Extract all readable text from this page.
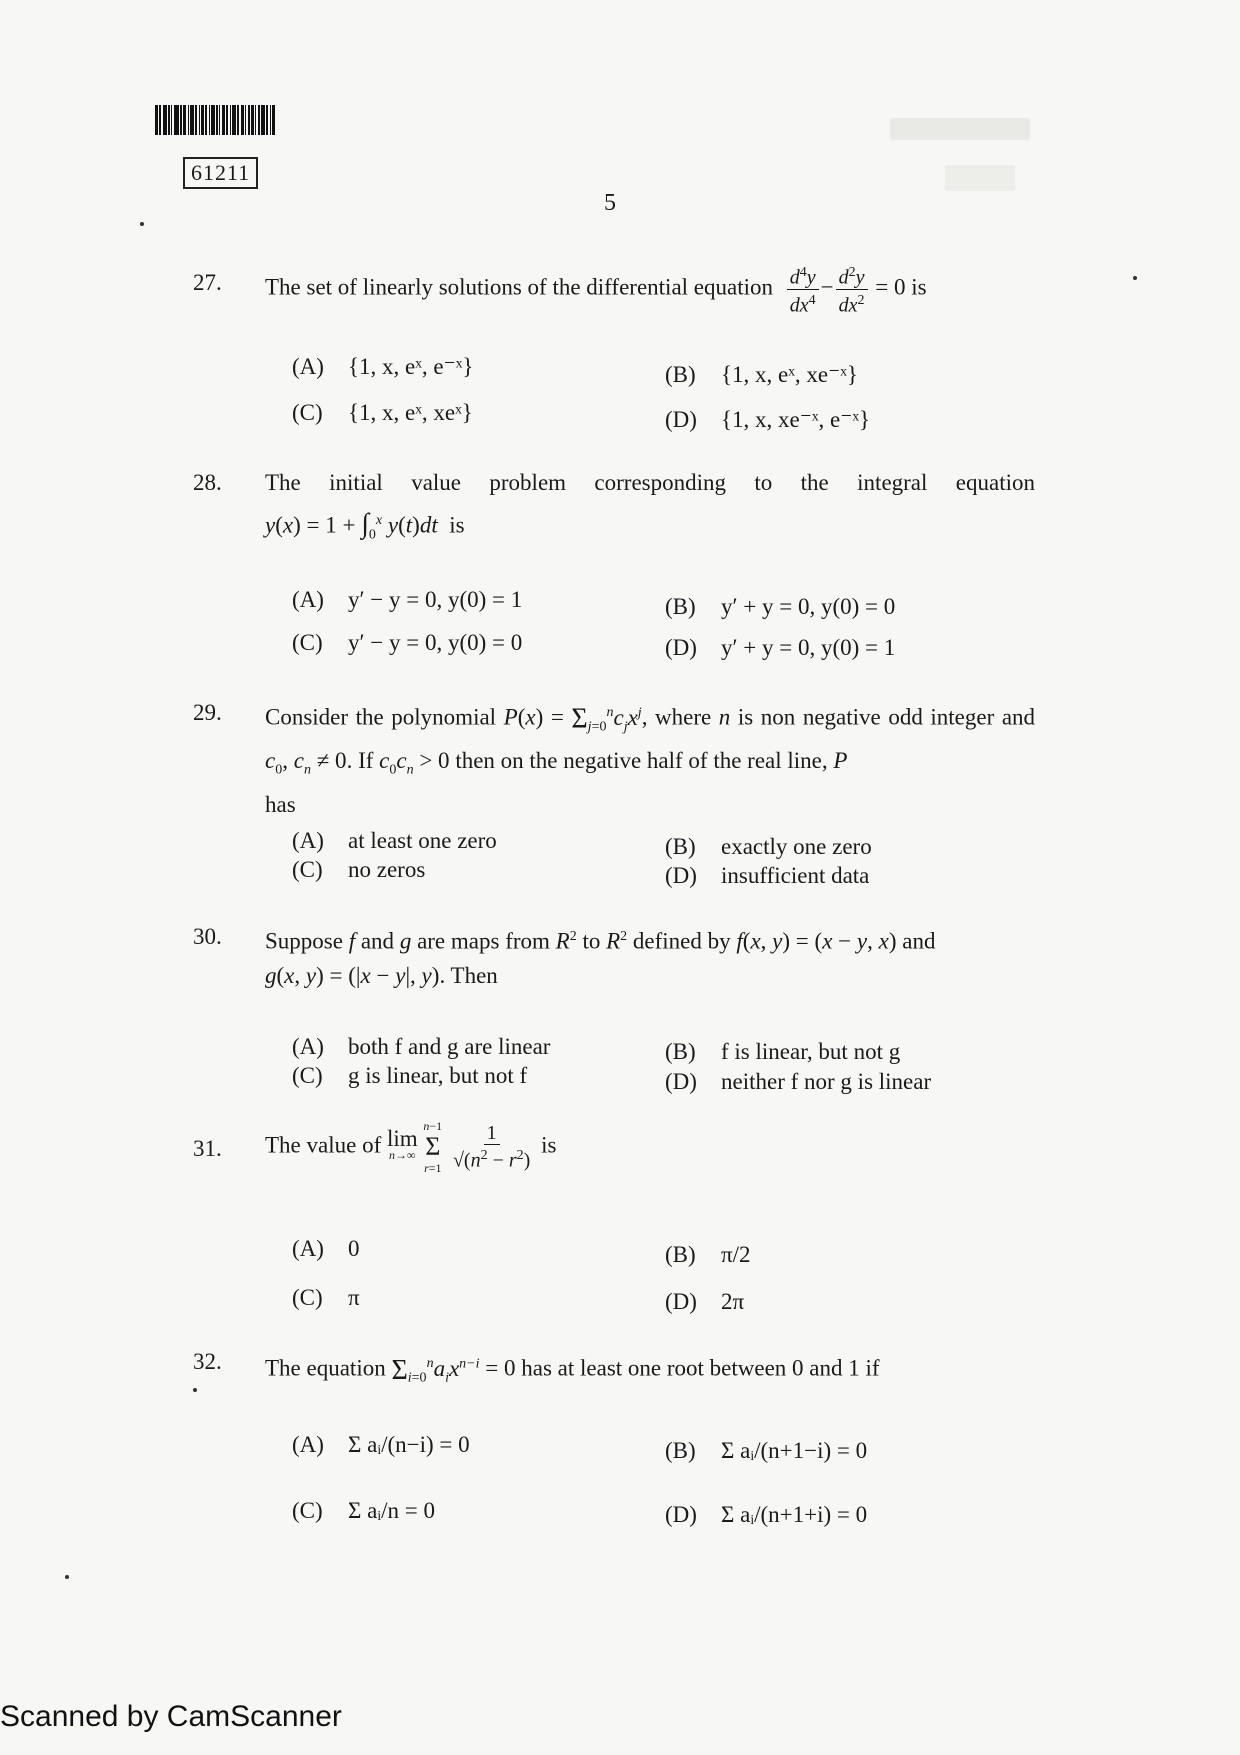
61211
5
27. The set of linearly solutions of the differential equation $\frac{d^4y}{dx^4} - \frac{d^2y}{dx^2} = 0$ is
(A) {1, x, eˣ, e⁻ˣ}	(B) {1, x, eˣ, xe⁻ˣ}
(C) {1, x, eˣ, xeˣ}	(D) {1, x, xe⁻ˣ, e⁻ˣ}
28. The initial value problem corresponding to the integral equation
$y(x) = 1 + \int_0^x$ y(t)dt is
(A) y′ − y = 0, y(0) = 1	(B) y′ + y = 0, y(0) = 0
(C) y′ − y = 0, y(0) = 0	(D) y′ + y = 0, y(0) = 1
29. Consider the polynomial $P(x) = \Sigma_{j=0}^nc_jx^j$, where n is non negative odd integer and $c_0$, $c_n \ne 0$. If $c_0c_n > 0$ then on the negative half of the real line, P
has
(A) at least one zero	(B) exactly one zero
(C) no zeros	(D) insufficient data
30. Suppose f and g are maps from $R^2$ to $R^2$ defined by f(x, y) = (x − y, x) and
g(x, y) = (|x − y|, y). Then
(A) both f and g are linear	(B) f is linear, but not g
(C) g is linear, but not f	(D) neither f nor g is linear
31. The value of lim
n→∞

n−1
Σ
r=1
$\frac{1}{√(n^2 - r^2)}$ is
(A) 0	(B) π/2
(C) π	(D) 2π
32. The equation $\Sigma_{i=0}^na_ix^{n-i} = 0$ has at least one root between 0 and 1 if
(A) Σ aᵢ/(n−i) = 0	(B) Σ aᵢ/(n+1−i) = 0
(C) Σ aᵢ/n = 0	(D) Σ aᵢ/(n+1+i) = 0
Scanned by CamScanner
